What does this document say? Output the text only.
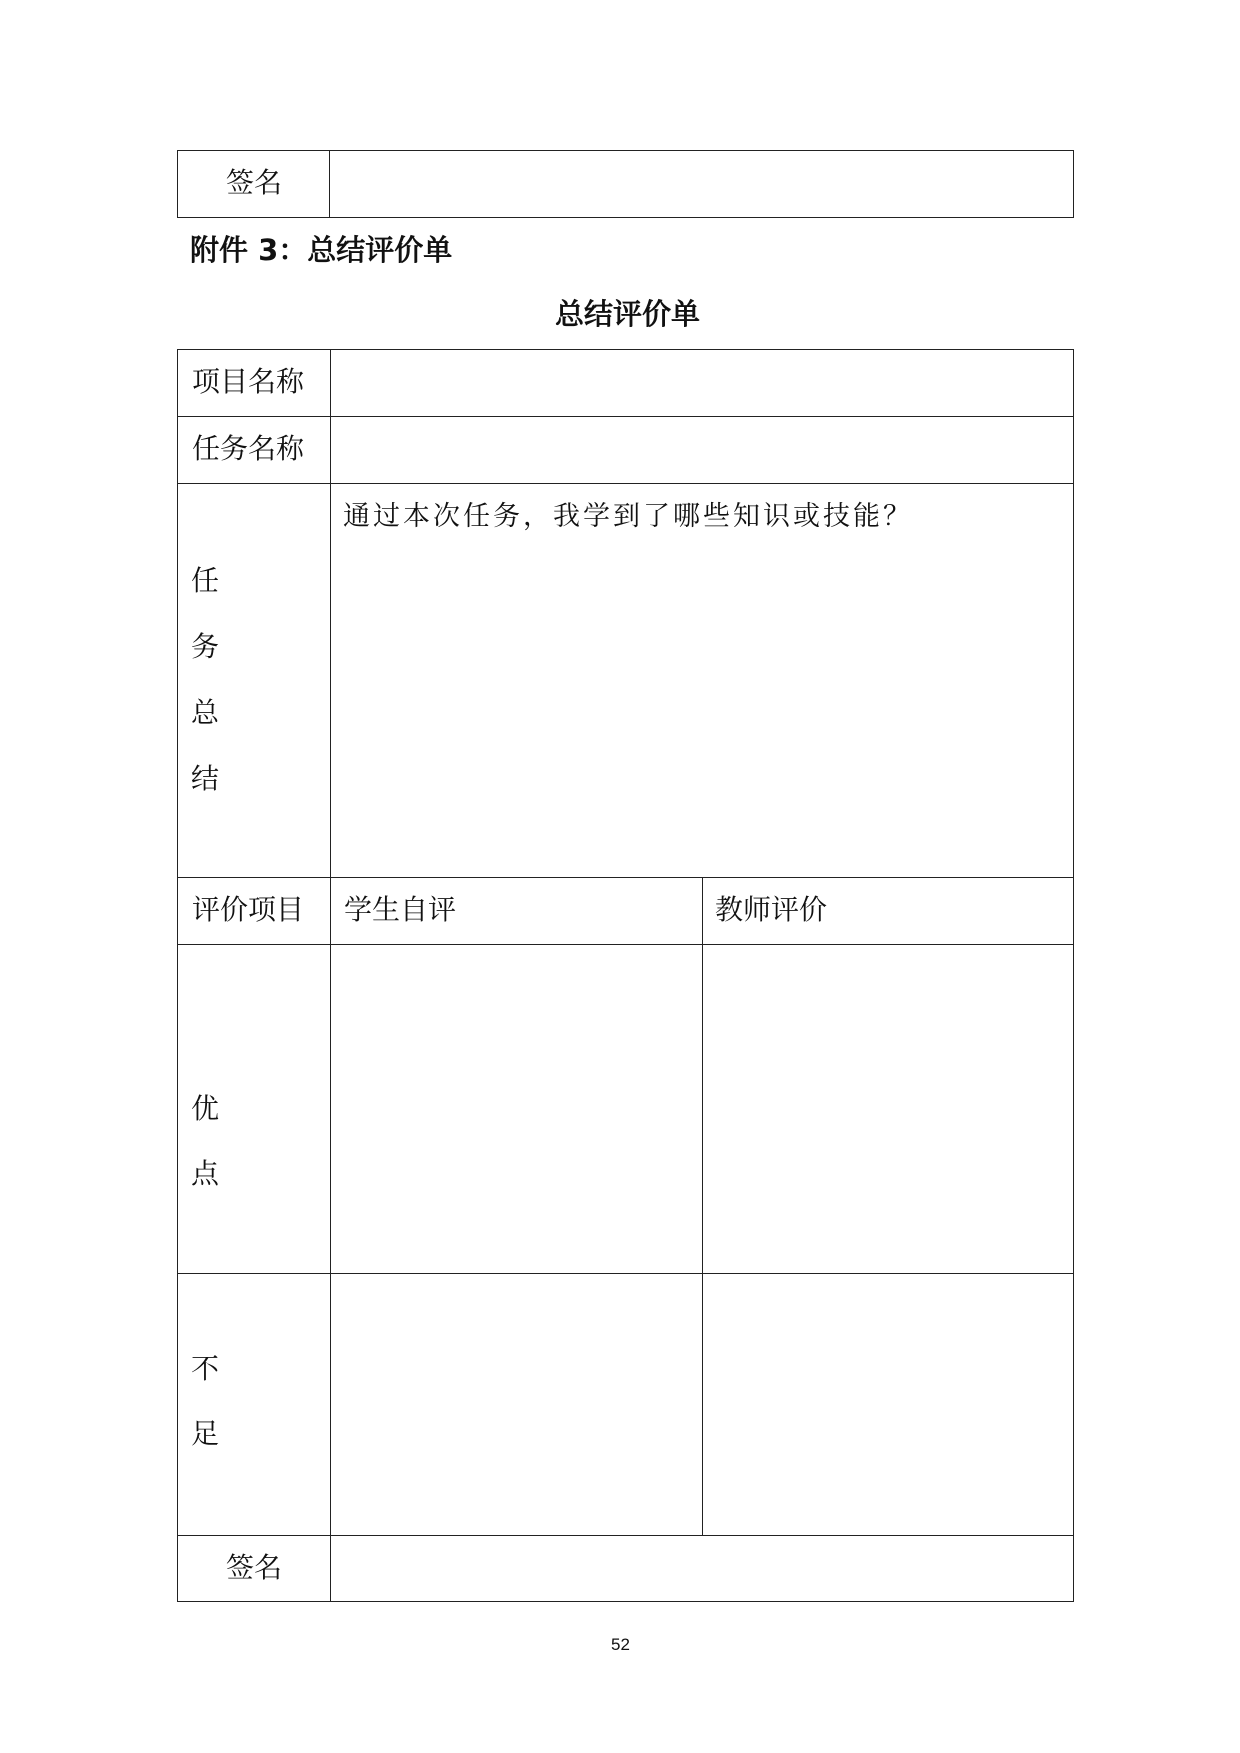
签名
附件 3：总结评价单
总结评价单
项目名称
任务名称
任
务
总
结
通过本次任务，我学到了哪些知识或技能？
评价项目 学生自评	教师评价
优
点
不
足
签名
52
